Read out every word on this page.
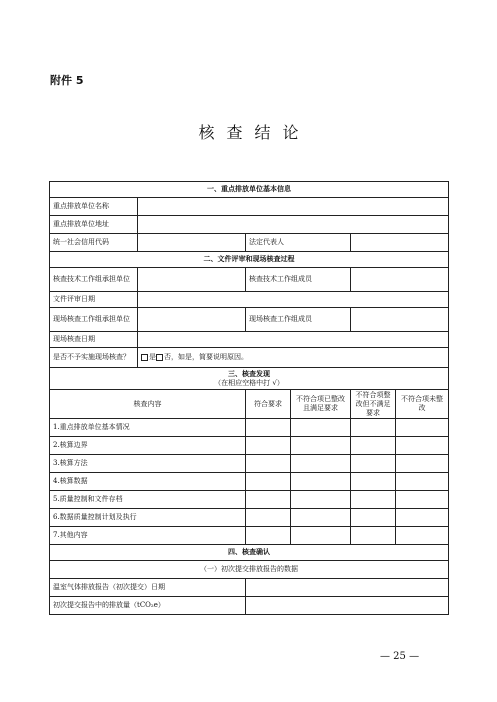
附件 5
核查结论
一、重点排放单位基本信息					
重点排放单位名称					
重点排放单位地址					
统一社会信用代码		法定代表人			
二、文件评审和现场核查过程					
核查技术工作组承担单位		核查技术工作组成员			
文件评审日期					
现场核查工作组承担单位		现场核查工作组成员			
现场核查日期					
是否不予实施现场核查？	是 否，如是，简要说明原因。				

三、核查发现
（在相应空格中打 √）					

核查内容		符合要求	不符合项已整改且满足要求	不符合项整改但不满足要求	不符合项未整改
1.重点排放单位基本情况					
2.核算边界					
3.核算方法					
4.核算数据					
5.质量控制和文件存档					
6.数据质量控制计划及执行					
7.其他内容					
四、核查确认					
（一）初次提交排放报告的数据					
温室气体排放报告（初次提交）日期					
初次提交报告中的排放量（tCO₂e）					
— 25 —
